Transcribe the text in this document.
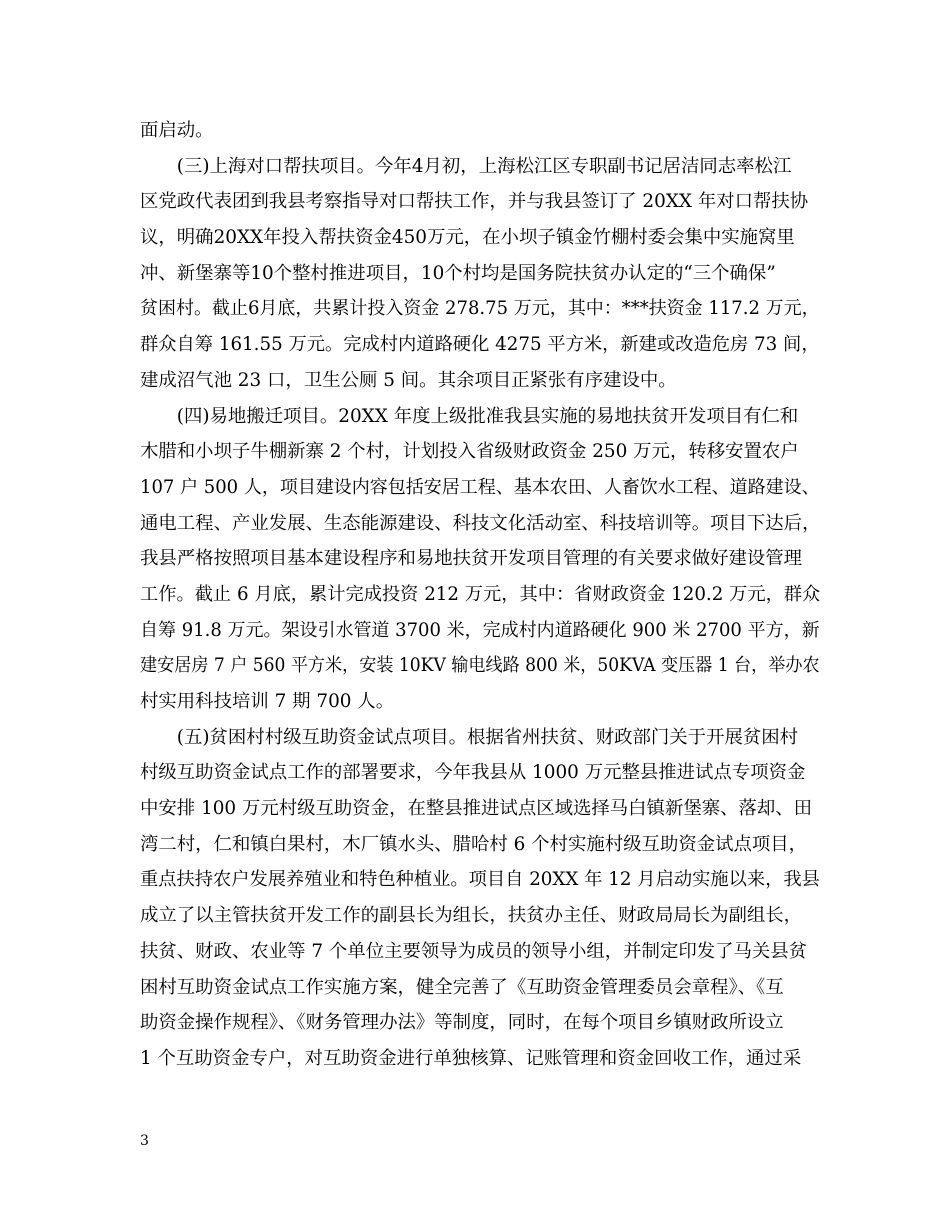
面启动。
　　(三)上海对口帮扶项目。今年4月初，上海松江区专职副书记居洁同志率松江
区党政代表团到我县考察指导对口帮扶工作，并与我县签订了 20XX 年对口帮扶协
议，明确20XX年投入帮扶资金450万元，在小坝子镇金竹棚村委会集中实施窝里
冲、新堡寨等10个整村推进项目，10个村均是国务院扶贫办认定的“三个确保”
贫困村。截止6月底，共累计投入资金 278.75 万元，其中：***扶资金 117.2 万元，
群众自筹 161.55 万元。完成村内道路硬化 4275 平方米，新建或改造危房 73 间，
建成沼气池 23 口，卫生公厕 5 间。其余项目正紧张有序建设中。
　　(四)易地搬迁项目。20XX 年度上级批准我县实施的易地扶贫开发项目有仁和
木腊和小坝子牛棚新寨 2 个村，计划投入省级财政资金 250 万元，转移安置农户
107 户 500 人，项目建设内容包括安居工程、基本农田、人畜饮水工程、道路建设、
通电工程、产业发展、生态能源建设、科技文化活动室、科技培训等。项目下达后，
我县严格按照项目基本建设程序和易地扶贫开发项目管理的有关要求做好建设管理
工作。截止 6 月底，累计完成投资 212 万元，其中：省财政资金 120.2 万元，群众
自筹 91.8 万元。架设引水管道 3700 米，完成村内道路硬化 900 米 2700 平方，新
建安居房 7 户 560 平方米，安装 10KV 输电线路 800 米，50KVA 变压器 1 台，举办农
村实用科技培训 7 期 700 人。
　　(五)贫困村村级互助资金试点项目。根据省州扶贫、财政部门关于开展贫困村
村级互助资金试点工作的部署要求，今年我县从 1000 万元整县推进试点专项资金
中安排 100 万元村级互助资金，在整县推进试点区域选择马白镇新堡寨、落却、田
湾二村，仁和镇白果村，木厂镇水头、腊哈村 6 个村实施村级互助资金试点项目，
重点扶持农户发展养殖业和特色种植业。项目自 20XX 年 12 月启动实施以来，我县
成立了以主管扶贫开发工作的副县长为组长，扶贫办主任、财政局局长为副组长，
扶贫、财政、农业等 7 个单位主要领导为成员的领导小组，并制定印发了马关县贫
困村互助资金试点工作实施方案，健全完善了《互助资金管理委员会章程》、《互
助资金操作规程》、《财务管理办法》等制度，同时，在每个项目乡镇财政所设立
1 个互助资金专户，对互助资金进行单独核算、记账管理和资金回收工作，通过采
3
